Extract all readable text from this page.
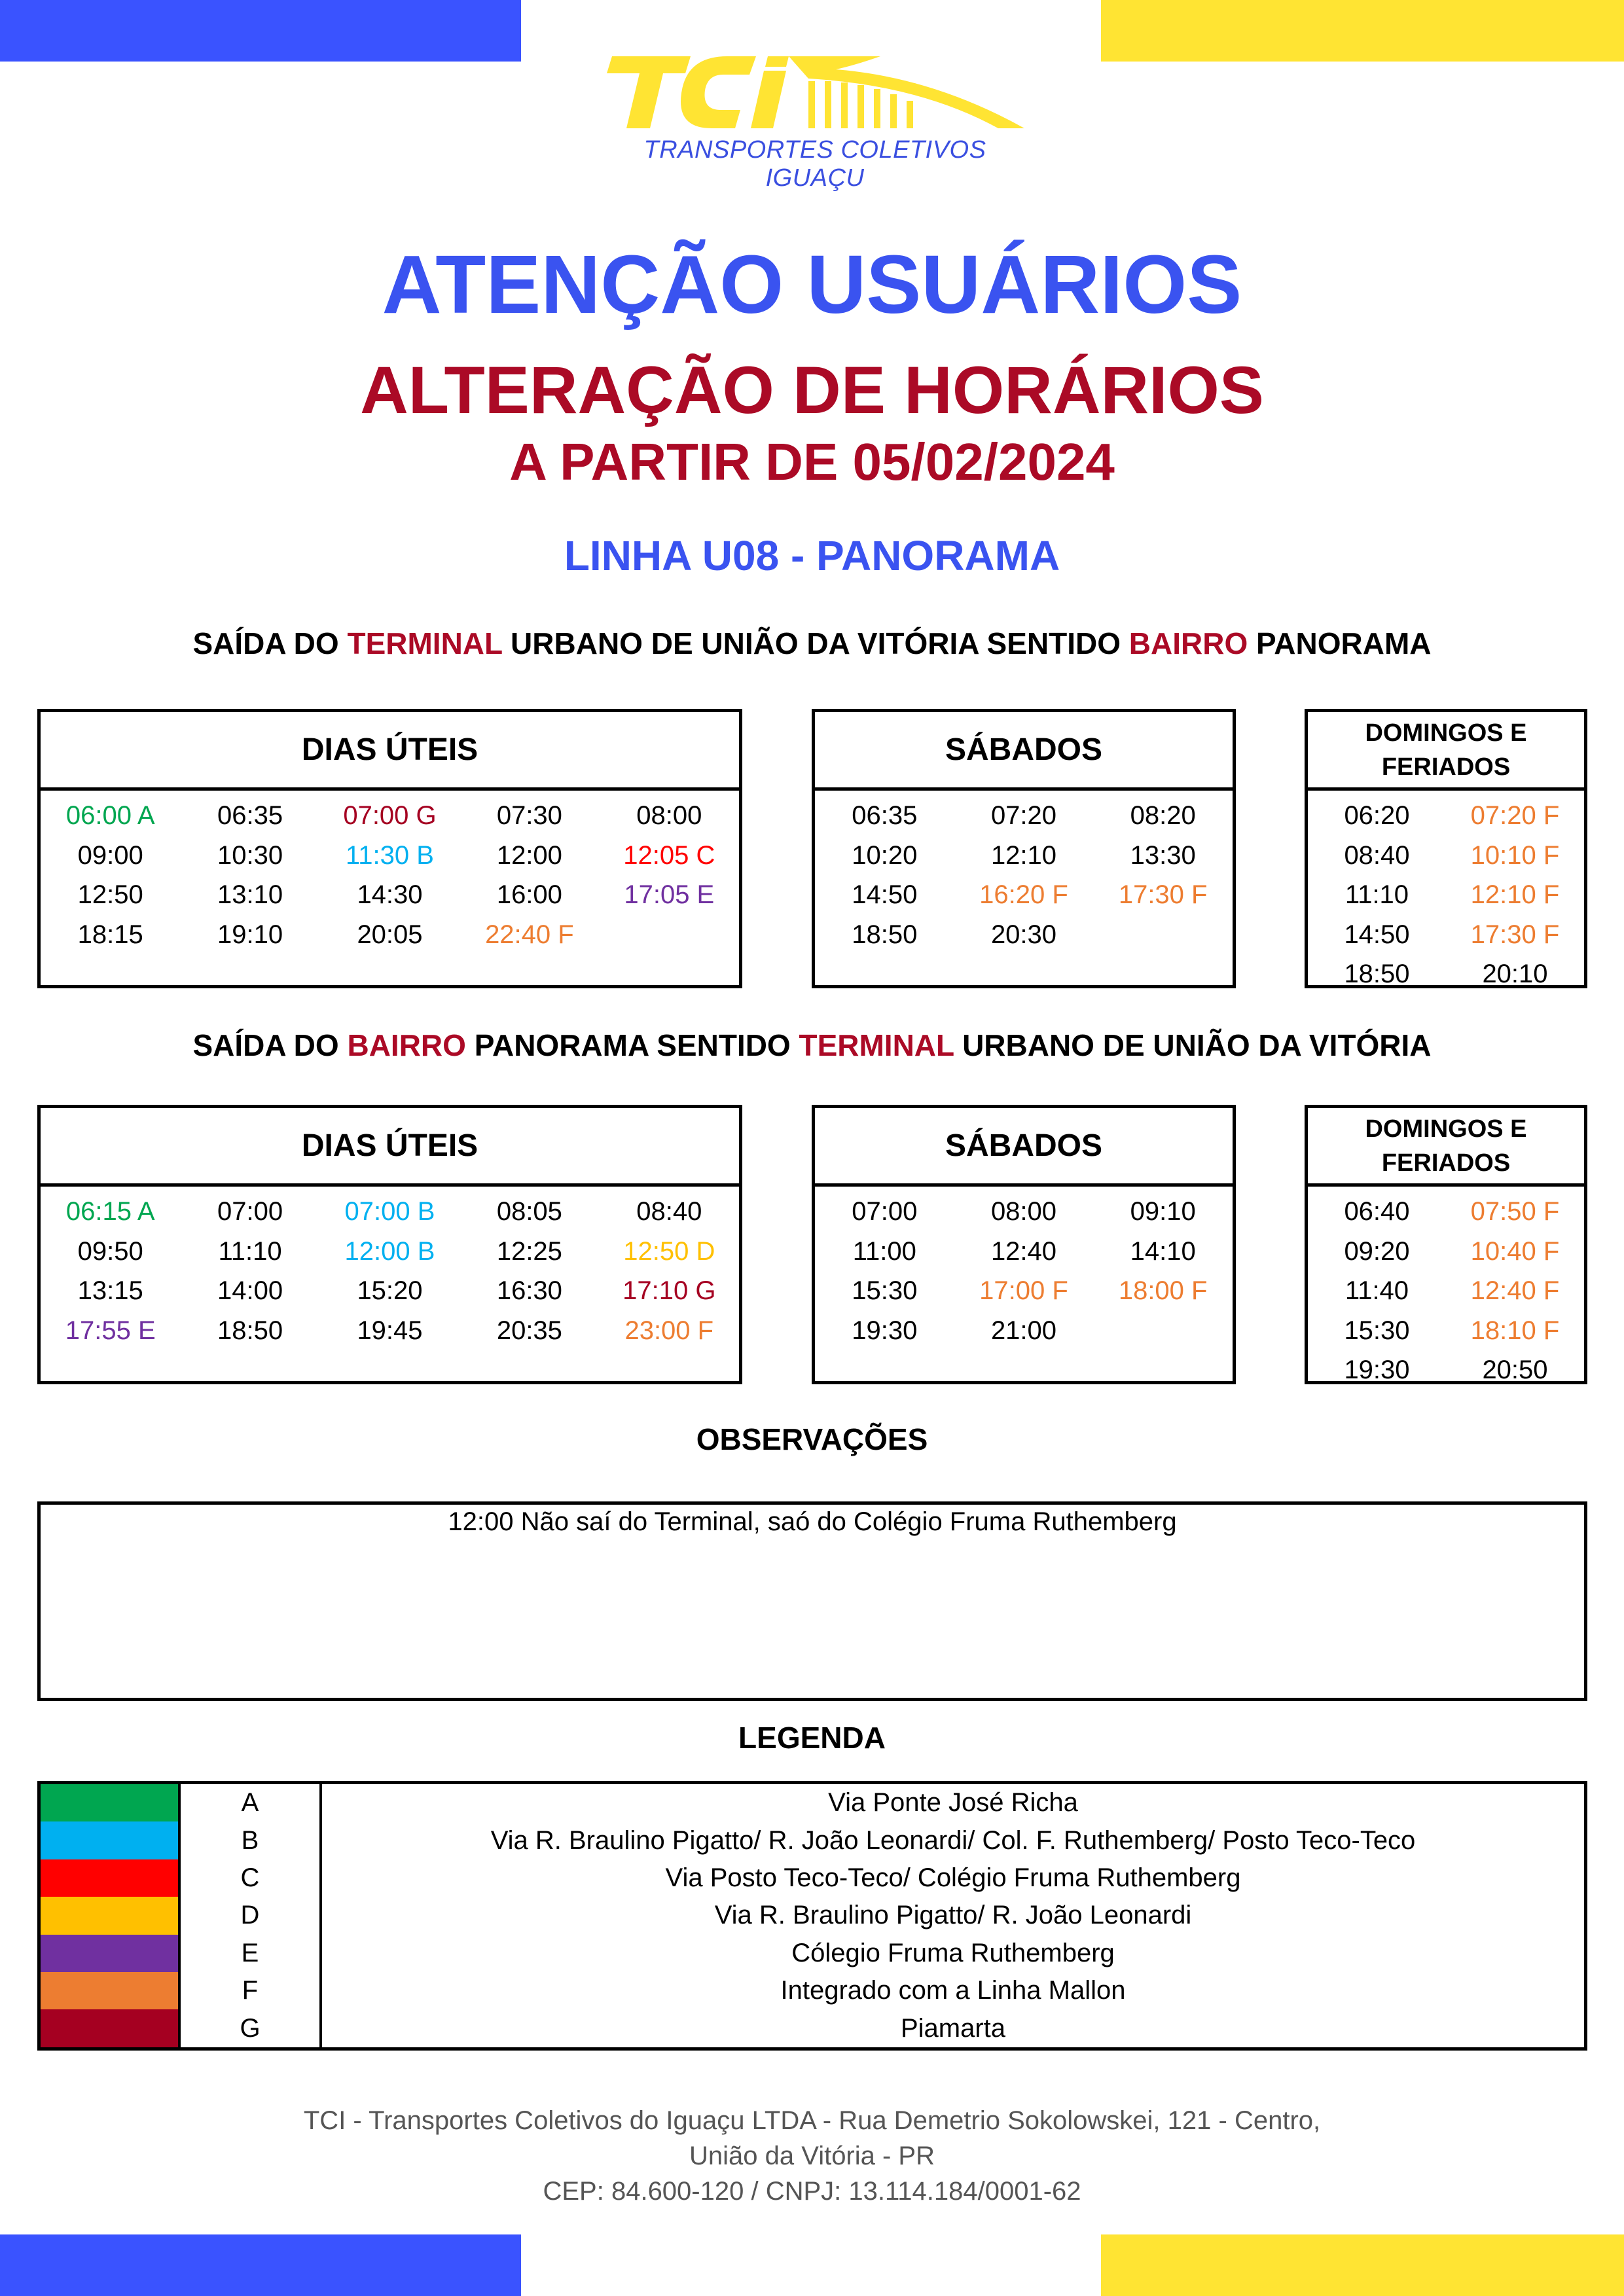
TRANSPORTES COLETIVOS IGUAÇU
ATENÇÃO USUÁRIOS
ALTERAÇÃO DE HORÁRIOS
A PARTIR DE 05/02/2024
LINHA U08 - PANORAMA
SAÍDA DO TERMINAL URBANO DE UNIÃO DA VITÓRIA SENTIDO BAIRRO PANORAMA
DIAS ÚTEIS
06:00 A	06:35	07:00 G	07:30	08:00
09:00	10:30	11:30 B	12:00	12:05 C
12:50	13:10	14:30	16:00	17:05 E
18:15	19:10	20:05	22:40 F
SÁBADOS
06:35	07:20	08:20
10:20	12:10	13:30
14:50	16:20 F	17:30 F
18:50	20:30
DOMINGOS E FERIADOS
06:20	07:20 F
08:40	10:10 F
11:10	12:10 F
14:50	17:30 F
18:50	20:10
SAÍDA DO BAIRRO PANORAMA SENTIDO TERMINAL URBANO DE UNIÃO DA VITÓRIA
DIAS ÚTEIS
06:15 A	07:00	07:00 B	08:05	08:40
09:50	11:10	12:00 B	12:25	12:50 D
13:15	14:00	15:20	16:30	17:10 G
17:55 E	18:50	19:45	20:35	23:00 F
SÁBADOS
07:00	08:00	09:10
11:00	12:40	14:10
15:30	17:00 F	18:00 F
19:30	21:00
DOMINGOS E FERIADOS
06:40	07:50 F
09:20	10:40 F
11:40	12:40 F
15:30	18:10 F
19:30	20:50
OBSERVAÇÕES
12:00 Não saí do Terminal, saó do Colégio Fruma Ruthemberg
LEGENDA
	A	Via Ponte José Richa
	B	Via R. Braulino Pigatto/ R. João Leonardi/ Col. F. Ruthemberg/ Posto Teco-Teco
	C	Via Posto Teco-Teco/ Colégio Fruma Ruthemberg
	D	Via R. Braulino Pigatto/ R. João Leonardi
	E	Cólegio Fruma Ruthemberg
	F	Integrado com a Linha Mallon
	G	Piamarta
TCI - Transportes Coletivos do Iguaçu LTDA - Rua Demetrio Sokolowskei, 121 - Centro,
União da Vitória - PR
CEP: 84.600-120 / CNPJ: 13.114.184/0001-62
